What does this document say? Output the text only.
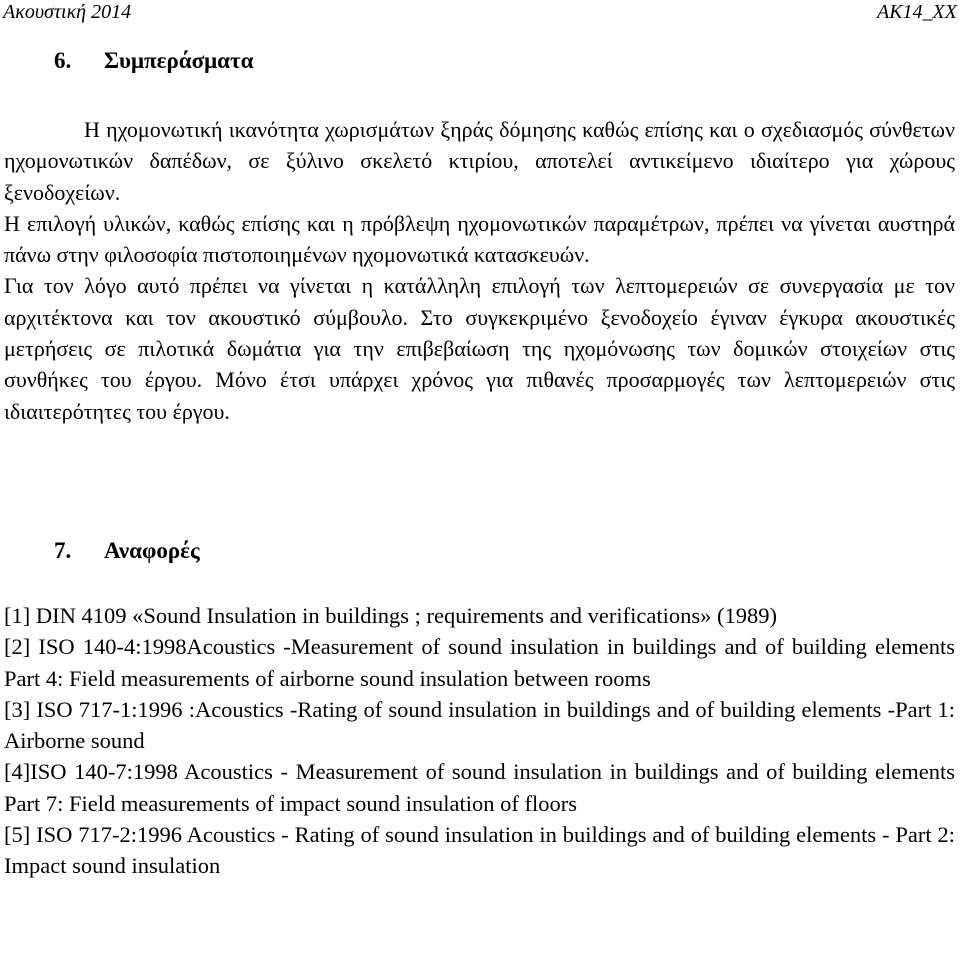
Ακουστική 2014	AK14_XX
6. Συμπεράσματα

Η ηχομονωτική ικανότητα χωρισμάτων ξηράς δόμησης καθώς επίσης και ο σχεδιασμός σύνθετων ηχομονωτικών δαπέδων, σε ξύλινο σκελετό κτιρίου, αποτελεί αντικείμενο ιδιαίτερο για χώρους ξενοδοχείων.

Η επιλογή υλικών, καθώς επίσης και η πρόβλεψη ηχομονωτικών παραμέτρων, πρέπει να γίνεται αυστηρά πάνω στην φιλοσοφία πιστοποιημένων ηχομονωτικά κατασκευών.

Για τον λόγο αυτό πρέπει να γίνεται η κατάλληλη επιλογή των λεπτομερειών σε συνεργασία με τον αρχιτέκτονα και τον ακουστικό σύμβουλο. Στο συγκεκριμένο ξενοδοχείο έγιναν έγκυρα ακουστικές μετρήσεις σε πιλοτικά δωμάτια για την επιβεβαίωση της ηχομόνωσης των δομικών στοιχείων στις συνθήκες του έργου. Μόνο έτσι υπάρχει χρόνος για πιθανές προσαρμογές των λεπτομερειών στις ιδιαιτερότητες του έργου.

7. Αναφορές

[1] DIN 4109 «Sound Insulation in buildings ; requirements and verifications» (1989)

[2] ISO 140-4:1998Acoustics -Measurement of sound insulation in buildings and of building elements Part 4: Field measurements of airborne sound insulation between rooms

[3] ISO 717-1:1996 :Acoustics -Rating of sound insulation in buildings and of building elements -Part 1: Airborne sound

[4]ISO 140-7:1998 Acoustics - Measurement of sound insulation in buildings and of building elements Part 7: Field measurements of impact sound insulation of floors

[5] ISO 717-2:1996 Acoustics - Rating of sound insulation in buildings and of building elements - Part 2: Impact sound insulation
